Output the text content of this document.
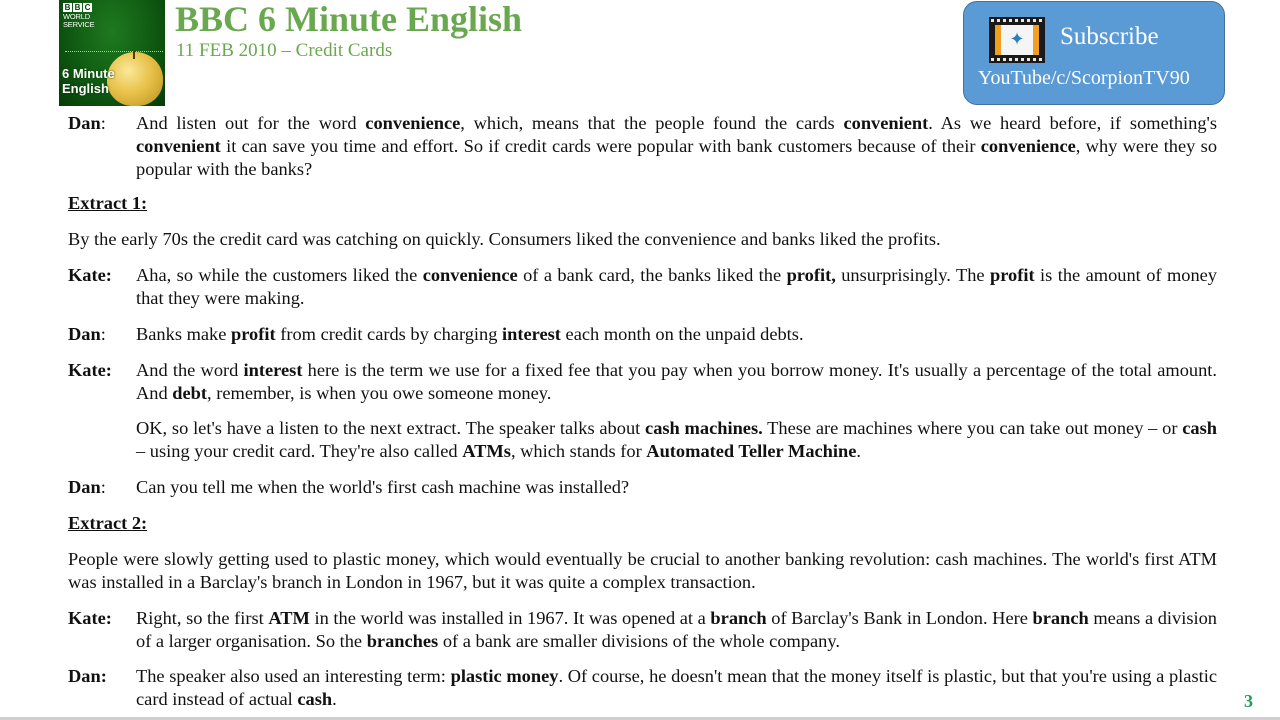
B B C
WORLD
SERVICE
6 Minute
English
BBC 6 Minute English
11 FEB 2010 – Credit Cards
✦ Subscribe
YouTube/c/ScorpionTV90
Dan: And listen out for the word convenience, which, means that the people found the cards convenient. As we heard before, if something's convenient it can save you time and effort. So if credit cards were popular with bank customers because of their convenience, why were they so popular with the banks?
Extract 1:
By the early 70s the credit card was catching on quickly. Consumers liked the convenience and banks liked the profits.
Kate: Aha, so while the customers liked the convenience of a bank card, the banks liked the profit, unsurprisingly. The profit is the amount of money that they were making.
Dan: Banks make profit from credit cards by charging interest each month on the unpaid debts.
Kate: And the word interest here is the term we use for a fixed fee that you pay when you borrow money. It's usually a percentage of the total amount. And debt, remember, is when you owe someone money.
OK, so let's have a listen to the next extract. The speaker talks about cash machines. These are machines where you can take out money – or cash – using your credit card. They're also called ATMs, which stands for Automated Teller Machine.
Dan: Can you tell me when the world's first cash machine was installed?
Extract 2:
People were slowly getting used to plastic money, which would eventually be crucial to another banking revolution: cash machines. The world's first ATM was installed in a Barclay's branch in London in 1967, but it was quite a complex transaction.
Kate: Right, so the first ATM in the world was installed in 1967. It was opened at a branch of Barclay's Bank in London. Here branch means a division of a larger organisation. So the branches of a bank are smaller divisions of the whole company.
Dan: The speaker also used an interesting term: plastic money. Of course, he doesn't mean that the money itself is plastic, but that you're using a plastic card instead of actual cash.	3
